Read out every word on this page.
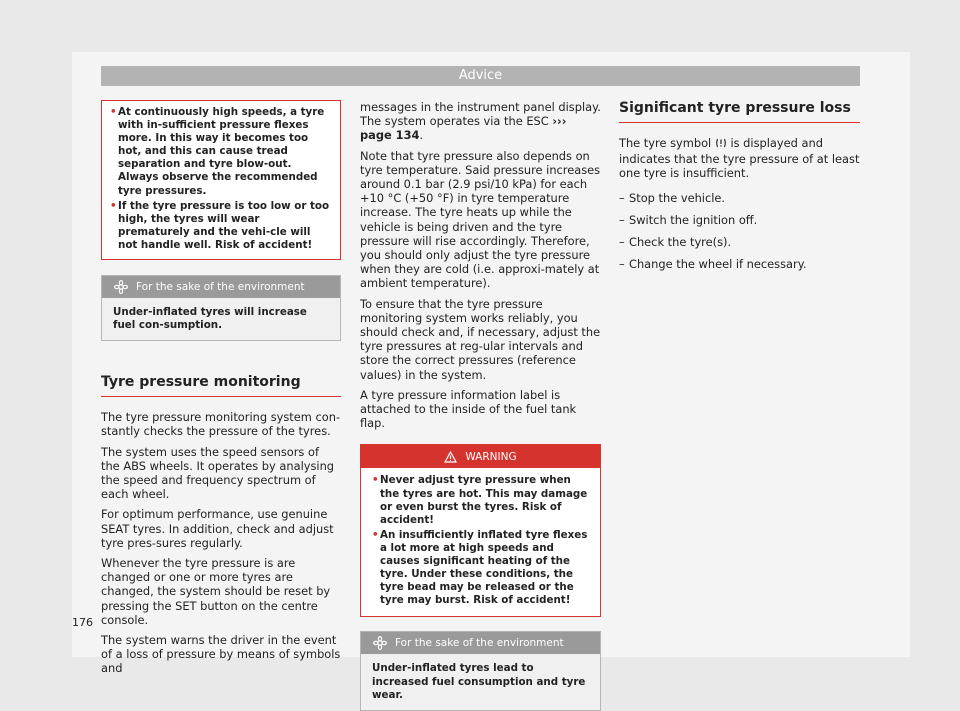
Advice
• At continuously high speeds, a tyre with in-sufficient pressure flexes more. In this way it becomes too hot, and this can cause tread separation and tyre blow-out. Always observe the recommended tyre pressures.
• If the tyre pressure is too low or too high, the tyres will wear prematurely and the vehi-cle will not handle well. Risk of accident!
For the sake of the environment
Under-inflated tyres will increase fuel con-sumption.
Tyre pressure monitoring

The tyre pressure monitoring system con-stantly checks the pressure of the tyres.

The system uses the speed sensors of the ABS wheels. It operates by analysing the speed and frequency spectrum of each wheel.

For optimum performance, use genuine SEAT tyres. In addition, check and adjust tyre pres-sures regularly.

Whenever the tyre pressure is are changed or one or more tyres are changed, the system should be reset by pressing the SET button on the centre console.

The system warns the driver in the event of a loss of pressure by means of symbols and

messages in the instrument panel display. The system operates via the ESC ››› page 134.

Note that tyre pressure also depends on tyre temperature. Said pressure increases around 0.1 bar (2.9 psi/10 kPa) for each +10 °C (+50 °F) in tyre temperature increase. The tyre heats up while the vehicle is being driven and the tyre pressure will rise accordingly. Therefore, you should only adjust the tyre pressure when they are cold (i.e. approxi-mately at ambient temperature).

To ensure that the tyre pressure monitoring system works reliably, you should check and, if necessary, adjust the tyre pressures at reg-ular intervals and store the correct pressures (reference values) in the system.

A tyre pressure information label is attached to the inside of the fuel tank flap.

WARNING
• Never adjust tyre pressure when the tyres are hot. This may damage or even burst the tyres. Risk of accident!
• An insufficiently inflated tyre flexes a lot more at high speeds and causes significant heating of the tyre. Under these conditions, the tyre bead may be released or the tyre may burst. Risk of accident!
For the sake of the environment
Under-inflated tyres lead to increased fuel consumption and tyre wear.
Significant tyre pressure loss

The tyre symbol  is displayed and indicates that the tyre pressure of at least one tyre is insufficient.

– Stop the vehicle.
– Switch the ignition off.
– Check the tyre(s).
– Change the wheel if necessary.
176
